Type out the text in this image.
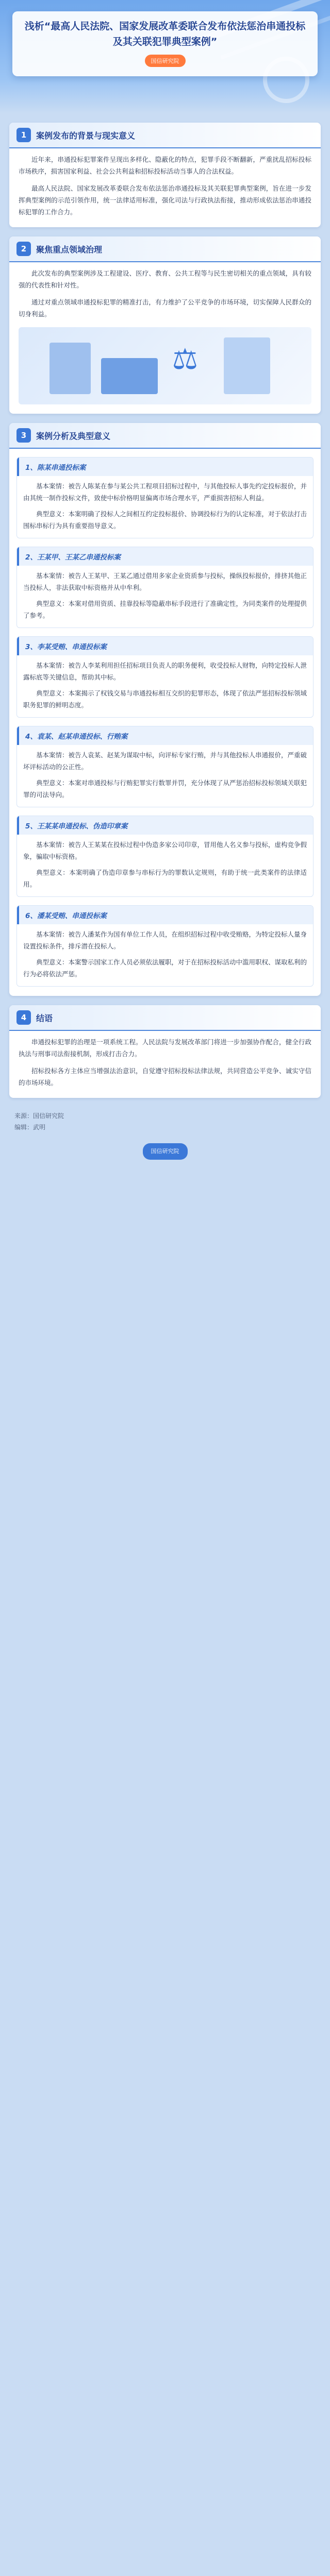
浅析“最高人民法院、国家发展改革委联合发布依法惩治串通投标及其关联犯罪典型案例”
国信研究院
1	案例发布的背景与现实意义

近年来，串通投标犯罪案件呈现出多样化、隐蔽化的特点，犯罪手段不断翻新，严重扰乱招标投标市场秩序，损害国家利益、社会公共利益和招标投标活动当事人的合法权益。

最高人民法院、国家发展改革委联合发布依法惩治串通投标及其关联犯罪典型案例，旨在进一步发挥典型案例的示范引领作用，统一法律适用标准，强化司法与行政执法衔接，推动形成依法惩治串通投标犯罪的工作合力。

2	聚焦重点领域治理

此次发布的典型案例涉及工程建设、医疗、教育、公共工程等与民生密切相关的重点领域，具有较强的代表性和针对性。

通过对重点领域串通投标犯罪的精准打击，有力维护了公平竞争的市场环境，切实保障人民群众的切身利益。

⚖
3	案例分析及典型意义
1、陈某串通投标案

基本案情：被告人陈某在参与某公共工程项目招标过程中，与其他投标人事先约定投标报价，并由其统一制作投标文件，致使中标价格明显偏离市场合理水平，严重损害招标人利益。

典型意义：本案明确了投标人之间相互约定投标报价、协调投标行为的认定标准，对于依法打击围标串标行为具有重要指导意义。

2、王某甲、王某乙串通投标案

基本案情：被告人王某甲、王某乙通过借用多家企业资质参与投标，操纵投标报价，排挤其他正当投标人，非法获取中标资格并从中牟利。

典型意义：本案对借用资质、挂靠投标等隐蔽串标手段进行了准确定性，为同类案件的处理提供了参考。

3、李某受贿、串通投标案

基本案情：被告人李某利用担任招标项目负责人的职务便利，收受投标人财物，向特定投标人泄露标底等关键信息，帮助其中标。

典型意义：本案揭示了权钱交易与串通投标相互交织的犯罪形态，体现了依法严惩招标投标领域职务犯罪的鲜明态度。

4、袁某、赵某串通投标、行贿案

基本案情：被告人袁某、赵某为谋取中标，向评标专家行贿，并与其他投标人串通报价，严重破坏评标活动的公正性。

典型意义：本案对串通投标与行贿犯罪实行数罪并罚，充分体现了从严惩治招标投标领域关联犯罪的司法导向。

5、王某某串通投标、伪造印章案

基本案情：被告人王某某在投标过程中伪造多家公司印章，冒用他人名义参与投标，虚构竞争假象，骗取中标资格。

典型意义：本案明确了伪造印章参与串标行为的罪数认定规则，有助于统一此类案件的法律适用。

6、潘某受贿、串通投标案

基本案情：被告人潘某作为国有单位工作人员，在组织招标过程中收受贿赂，为特定投标人量身设置投标条件，排斥潜在投标人。

典型意义：本案警示国家工作人员必须依法履职，对于在招标投标活动中滥用职权、谋取私利的行为必将依法严惩。

4	结语

串通投标犯罪的治理是一项系统工程。人民法院与发展改革部门将进一步加强协作配合，健全行政执法与刑事司法衔接机制，形成打击合力。

招标投标各方主体应当增强法治意识，自觉遵守招标投标法律法规，共同营造公平竞争、诚实守信的市场环境。

来源：国信研究院
编辑：武明
国信研究院
